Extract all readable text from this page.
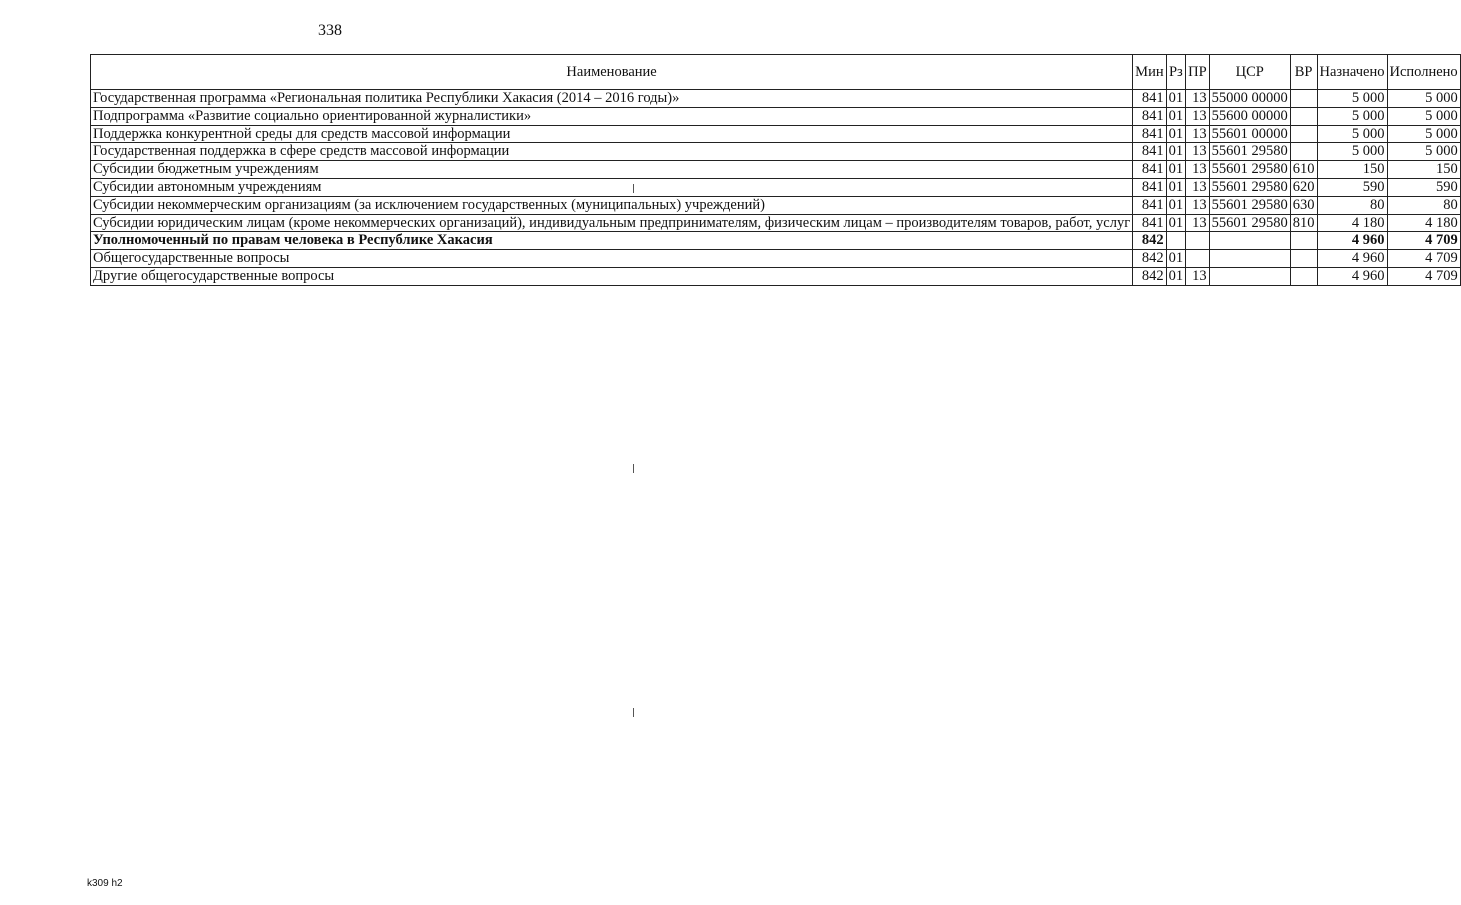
338
Наименование	Мин	Рз	ПР	ЦСР	ВР	Назначено	Исполнено
Государственная программа «Региональная политика Республики Хакасия (2014 – 2016 годы)»	841	01	13	55000 00000		5 000	5 000
Подпрограмма «Развитие социально ориентированной журналистики»	841	01	13	55600 00000		5 000	5 000
Поддержка конкурентной среды для средств массовой информации	841	01	13	55601 00000		5 000	5 000
Государственная поддержка в сфере средств массовой информации	841	01	13	55601 29580		5 000	5 000
Субсидии бюджетным учреждениям	841	01	13	55601 29580	610	150	150
Субсидии автономным учреждениям	841	01	13	55601 29580	620	590	590
Субсидии некоммерческим организациям (за исключением государственных (муниципальных) учреждений)	841	01	13	55601 29580	630	80	80
Субсидии юридическим лицам (кроме некоммерческих организаций), индивидуальным предпринимателям, физическим лицам – производителям товаров, работ, услуг	841	01	13	55601 29580	810	4 180	4 180
Уполномоченный по правам человека в Республике Хакасия	842					4 960	4 709
Общегосударственные вопросы	842	01				4 960	4 709
Другие общегосударственные вопросы	842	01	13			4 960	4 709
k309 h2
